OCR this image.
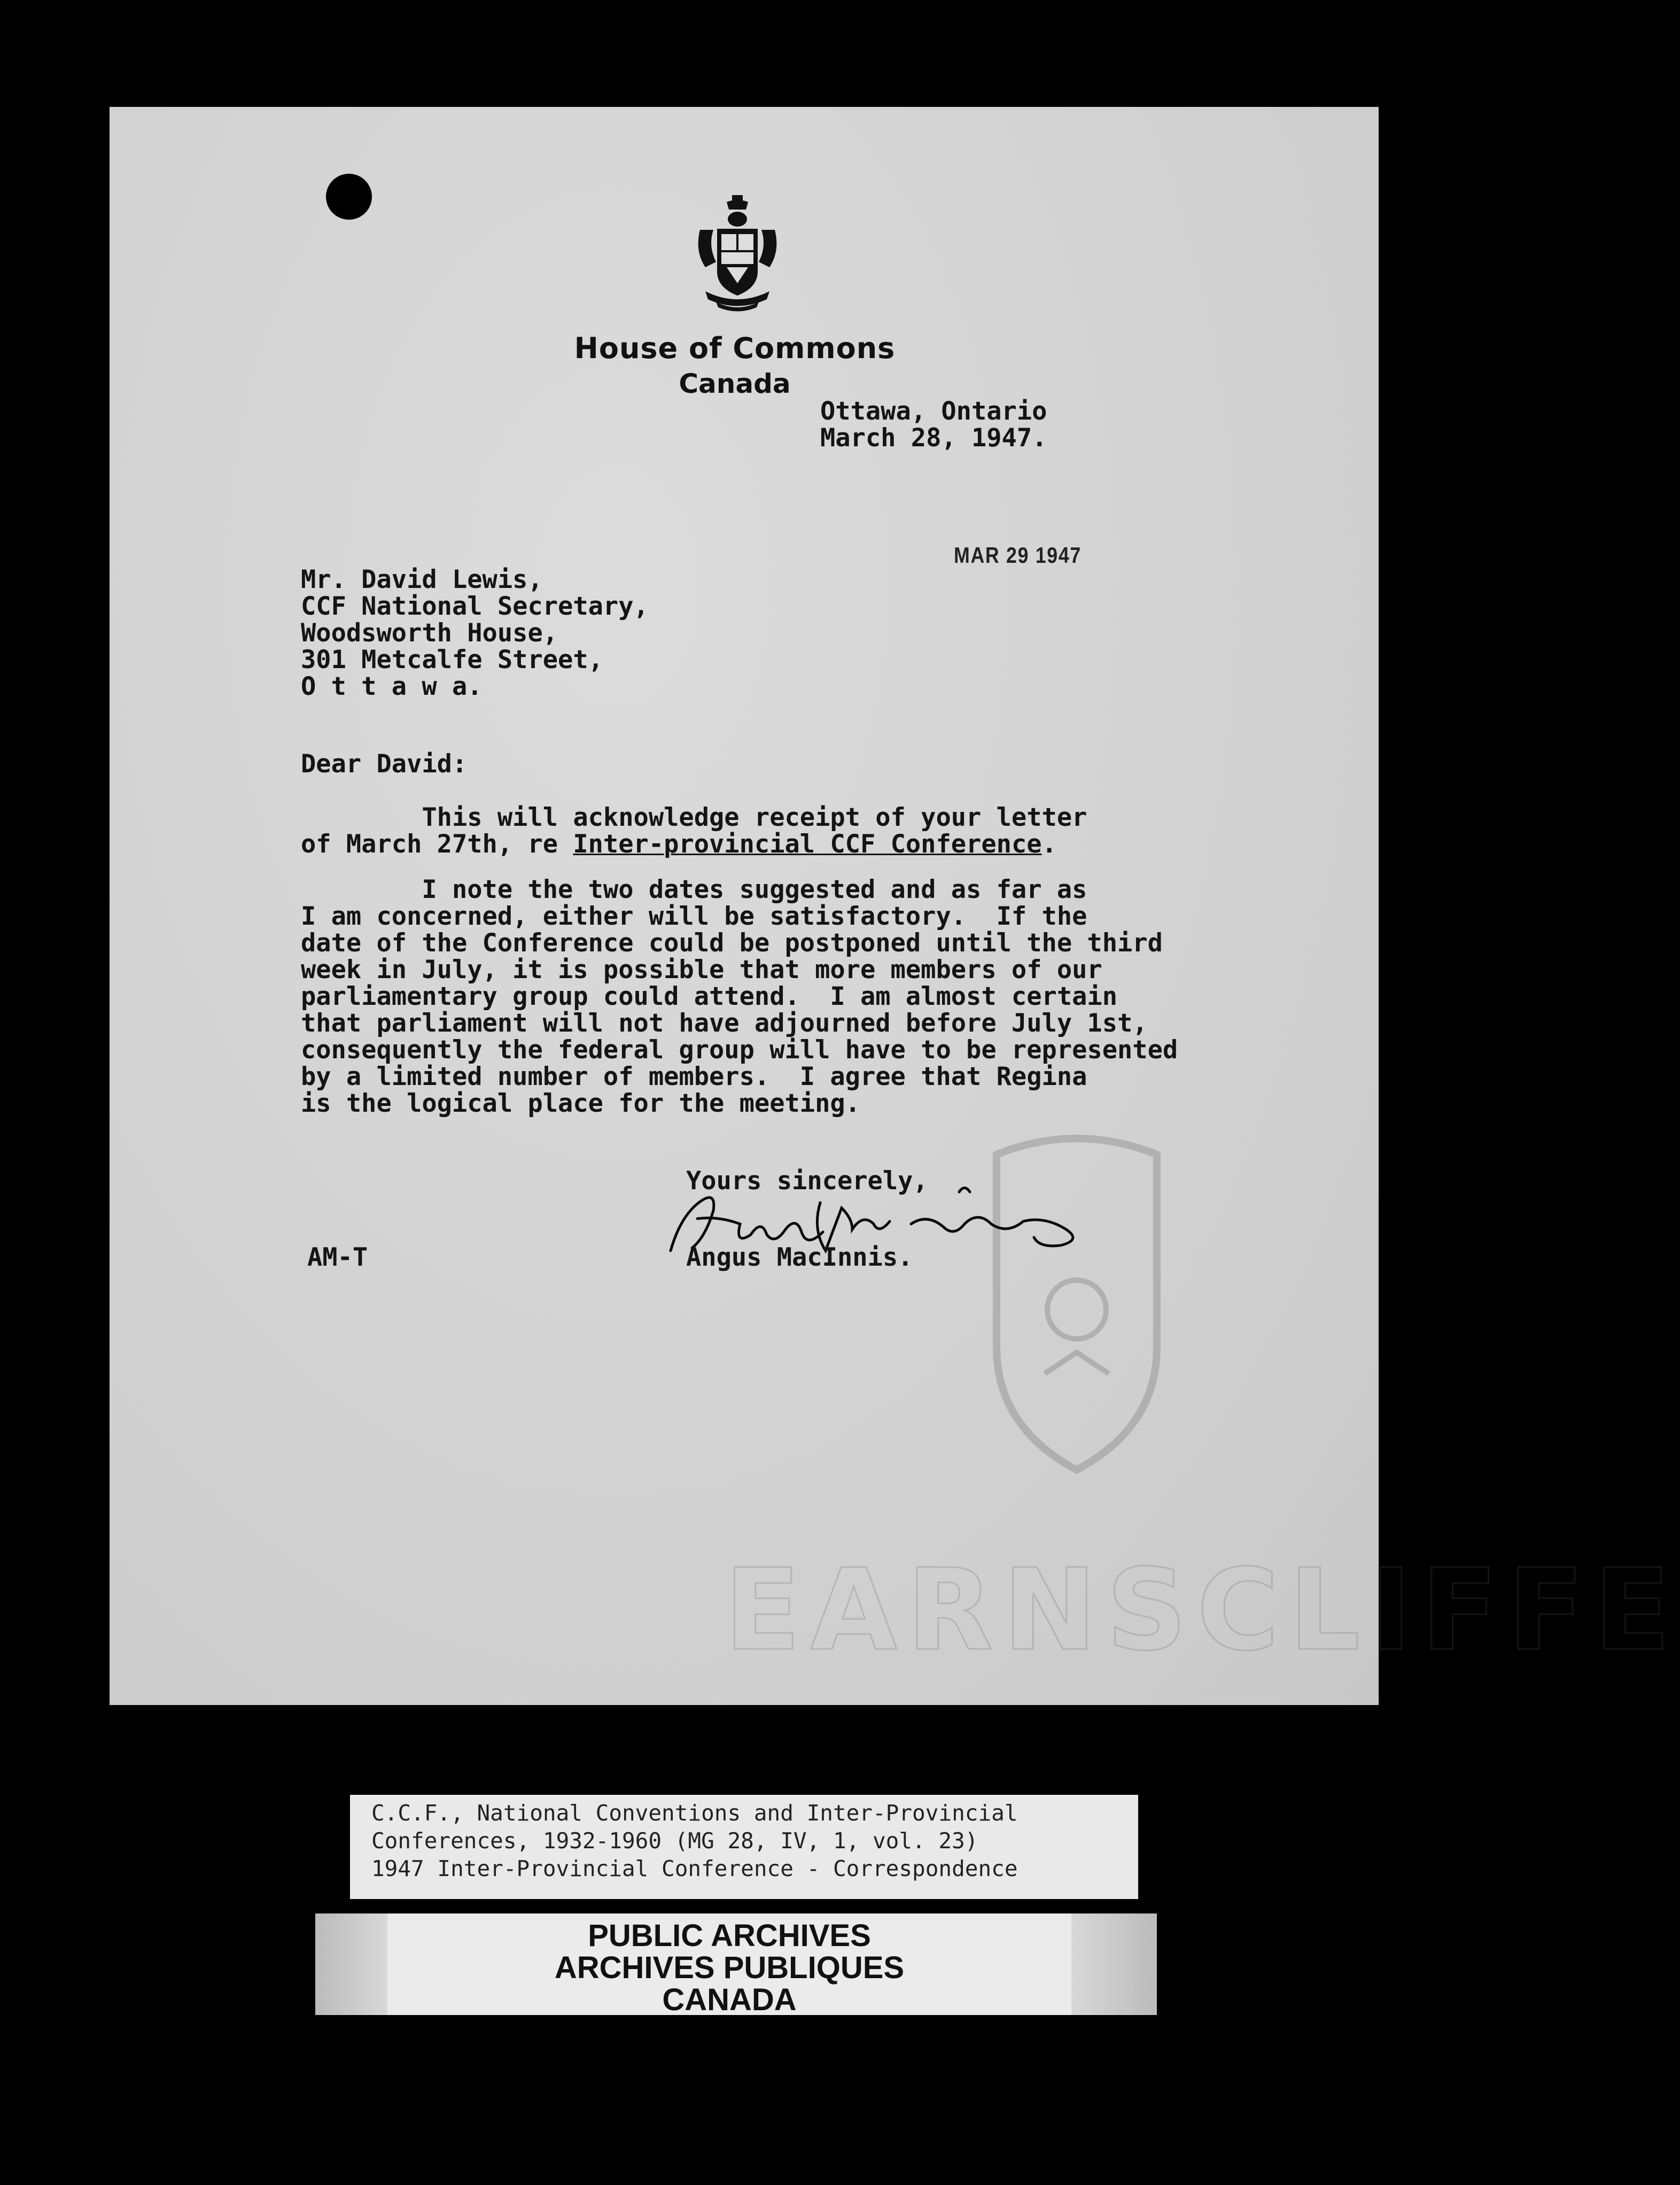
House of Commons
Canada
Ottawa, Ontario
March 28, 1947.
MAR 29 1947
Mr. David Lewis,
CCF National Secretary,
Woodsworth House,
301 Metcalfe Street,
O t t a w a.
Dear David:
This will acknowledge receipt of your letter
of March 27th, re Inter-provincial CCF Conference.
I note the two dates suggested and as far as
I am concerned, either will be satisfactory.  If the
date of the Conference could be postponed until the third
week in July, it is possible that more members of our
parliamentary group could attend.  I am almost certain
that parliament will not have adjourned before July 1st,
consequently the federal group will have to be represented
by a limited number of members.  I agree that Regina
is the logical place for the meeting.
EARNSCLIFFE
Yours sincerely,
Angus MacInnis.
AM-T
C.C.F., National Conventions and Inter-Provincial
Conferences, 1932-1960 (MG 28, IV, 1, vol. 23)
1947 Inter-Provincial Conference - Correspondence
PUBLIC ARCHIVES
ARCHIVES PUBLIQUES
CANADA
